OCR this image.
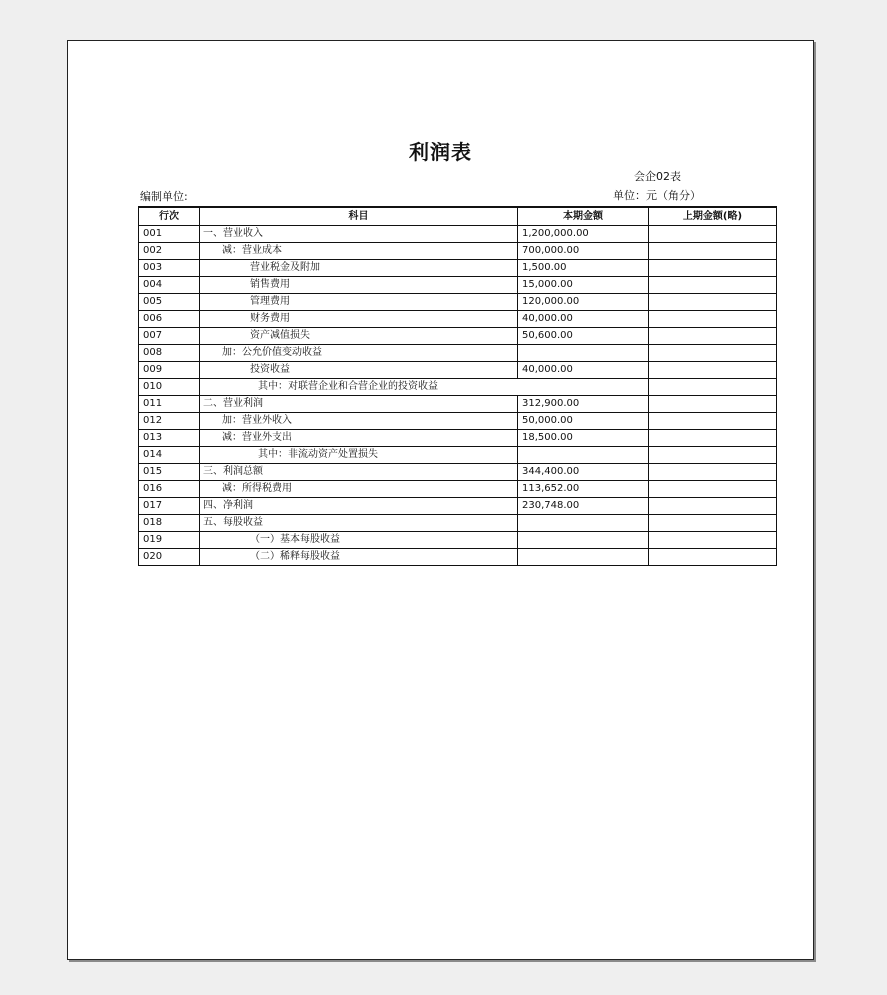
利润表
会企02表
编制单位:	单位：元（角分）
行次	科目	本期金额	上期金额(略)
001	一、营业收入	1,200,000.00	
002	减：营业成本	700,000.00	
003	营业税金及附加	1,500.00	
004	销售费用	15,000.00	
005	管理费用	120,000.00	
006	财务费用	40,000.00	
007	资产减值损失	50,600.00	
008	加：公允价值变动收益		
009	投资收益	40,000.00	
010	其中：对联营企业和合营企业的投资收益		
011	二、营业利润	312,900.00	
012	加：营业外收入	50,000.00	
013	减：营业外支出	18,500.00	
014	其中：非流动资产处置损失		
015	三、利润总额	344,400.00	
016	减：所得税费用	113,652.00	
017	四、净利润	230,748.00	
018	五、每股收益		
019	（一）基本每股收益		
020	（二）稀释每股收益		
